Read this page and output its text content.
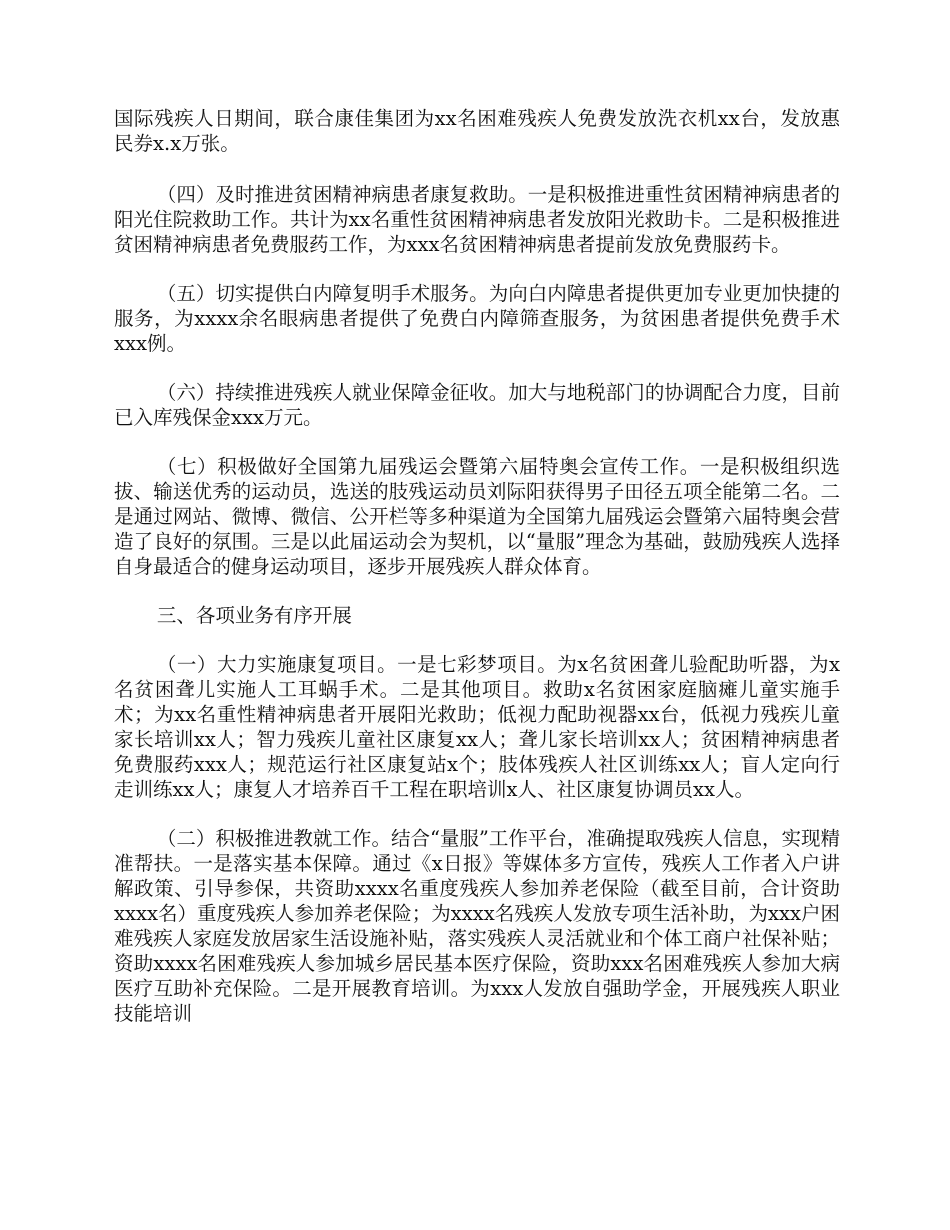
国际残疾人日期间，联合康佳集团为xx名困难残疾人免费发放洗衣机xx台，发放惠民券x.x万张。

（四）及时推进贫困精神病患者康复救助。一是积极推进重性贫困精神病患者的阳光住院救助工作。共计为xx名重性贫困精神病患者发放阳光救助卡。二是积极推进贫困精神病患者免费服药工作，为xxx名贫困精神病患者提前发放免费服药卡。

（五）切实提供白内障复明手术服务。为向白内障患者提供更加专业更加快捷的服务，为xxxx余名眼病患者提供了免费白内障筛查服务，为贫困患者提供免费手术xxx例。

（六）持续推进残疾人就业保障金征收。加大与地税部门的协调配合力度，目前已入库残保金xxx万元。

（七）积极做好全国第九届残运会暨第六届特奥会宣传工作。一是积极组织选拔、输送优秀的运动员，选送的肢残运动员刘际阳获得男子田径五项全能第二名。二是通过网站、微博、微信、公开栏等多种渠道为全国第九届残运会暨第六届特奥会营造了良好的氛围。三是以此届运动会为契机，以“量服”理念为基础，鼓励残疾人选择自身最适合的健身运动项目，逐步开展残疾人群众体育。

三、各项业务有序开展

（一）大力实施康复项目。一是七彩梦项目。为x名贫困聋儿验配助听器，为x名贫困聋儿实施人工耳蜗手术。二是其他项目。救助x名贫困家庭脑瘫儿童实施手术；为xx名重性精神病患者开展阳光救助；低视力配助视器xx台，低视力残疾儿童家长培训xx人；智力残疾儿童社区康复xx人；聋儿家长培训xx人；贫困精神病患者免费服药xxx人；规范运行社区康复站x个；肢体残疾人社区训练xx人；盲人定向行走训练xx人；康复人才培养百千工程在职培训x人、社区康复协调员xx人。

（二）积极推进教就工作。结合“量服”工作平台，准确提取残疾人信息，实现精准帮扶。一是落实基本保障。通过《x日报》等媒体多方宣传，残疾人工作者入户讲解政策、引导参保，共资助xxxx名重度残疾人参加养老保险（截至目前，合计资助xxxx名）重度残疾人参加养老保险；为xxxx名残疾人发放专项生活补助，为xxx户困难残疾人家庭发放居家生活设施补贴，落实残疾人灵活就业和个体工商户社保补贴；资助xxxx名困难残疾人参加城乡居民基本医疗保险，资助xxx名困难残疾人参加大病医疗互助补充保险。二是开展教育培训。为xxx人发放自强助学金，开展残疾人职业技能培训
